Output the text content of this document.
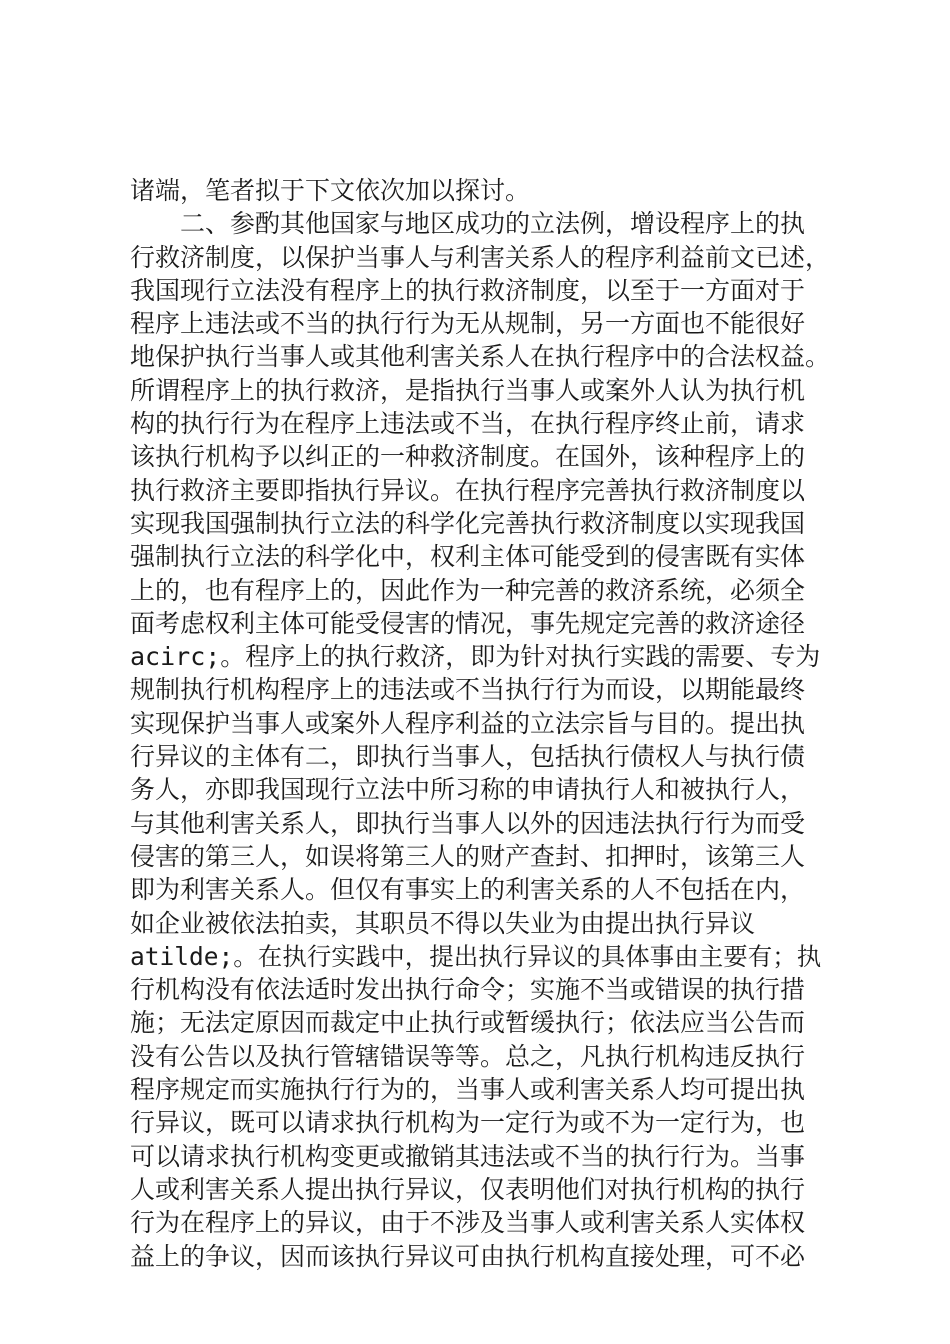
诸端，笔者拟于下文依次加以探讨。
　　二、参酌其他国家与地区成功的立法例，增设程序上的执
行救济制度，以保护当事人与利害关系人的程序利益前文已述，
我国现行立法没有程序上的执行救济制度，以至于一方面对于
程序上违法或不当的执行行为无从规制，另一方面也不能很好
地保护执行当事人或其他利害关系人在执行程序中的合法权益。
所谓程序上的执行救济，是指执行当事人或案外人认为执行机
构的执行行为在程序上违法或不当，在执行程序终止前，请求
该执行机构予以纠正的一种救济制度。在国外，该种程序上的
执行救济主要即指执行异议。在执行程序完善执行救济制度以
实现我国强制执行立法的科学化完善执行救济制度以实现我国
强制执行立法的科学化中，权利主体可能受到的侵害既有实体
上的，也有程序上的，因此作为一种完善的救济系统，必须全
面考虑权利主体可能受侵害的情况，事先规定完善的救济途径
acirc;。程序上的执行救济，即为针对执行实践的需要、专为
规制执行机构程序上的违法或不当执行行为而设，以期能最终
实现保护当事人或案外人程序利益的立法宗旨与目的。提出执
行异议的主体有二，即执行当事人，包括执行债权人与执行债
务人，亦即我国现行立法中所习称的申请执行人和被执行人，
与其他利害关系人，即执行当事人以外的因违法执行行为而受
侵害的第三人，如误将第三人的财产查封、扣押时，该第三人
即为利害关系人。但仅有事实上的利害关系的人不包括在内，
如企业被依法拍卖，其职员不得以失业为由提出执行异议
atilde;。在执行实践中，提出执行异议的具体事由主要有；执
行机构没有依法适时发出执行命令；实施不当或错误的执行措
施；无法定原因而裁定中止执行或暂缓执行；依法应当公告而
没有公告以及执行管辖错误等等。总之，凡执行机构违反执行
程序规定而实施执行行为的，当事人或利害关系人均可提出执
行异议，既可以请求执行机构为一定行为或不为一定行为，也
可以请求执行机构变更或撤销其违法或不当的执行行为。当事
人或利害关系人提出执行异议，仅表明他们对执行机构的执行
行为在程序上的异议，由于不涉及当事人或利害关系人实体权
益上的争议，因而该执行异议可由执行机构直接处理，可不必
